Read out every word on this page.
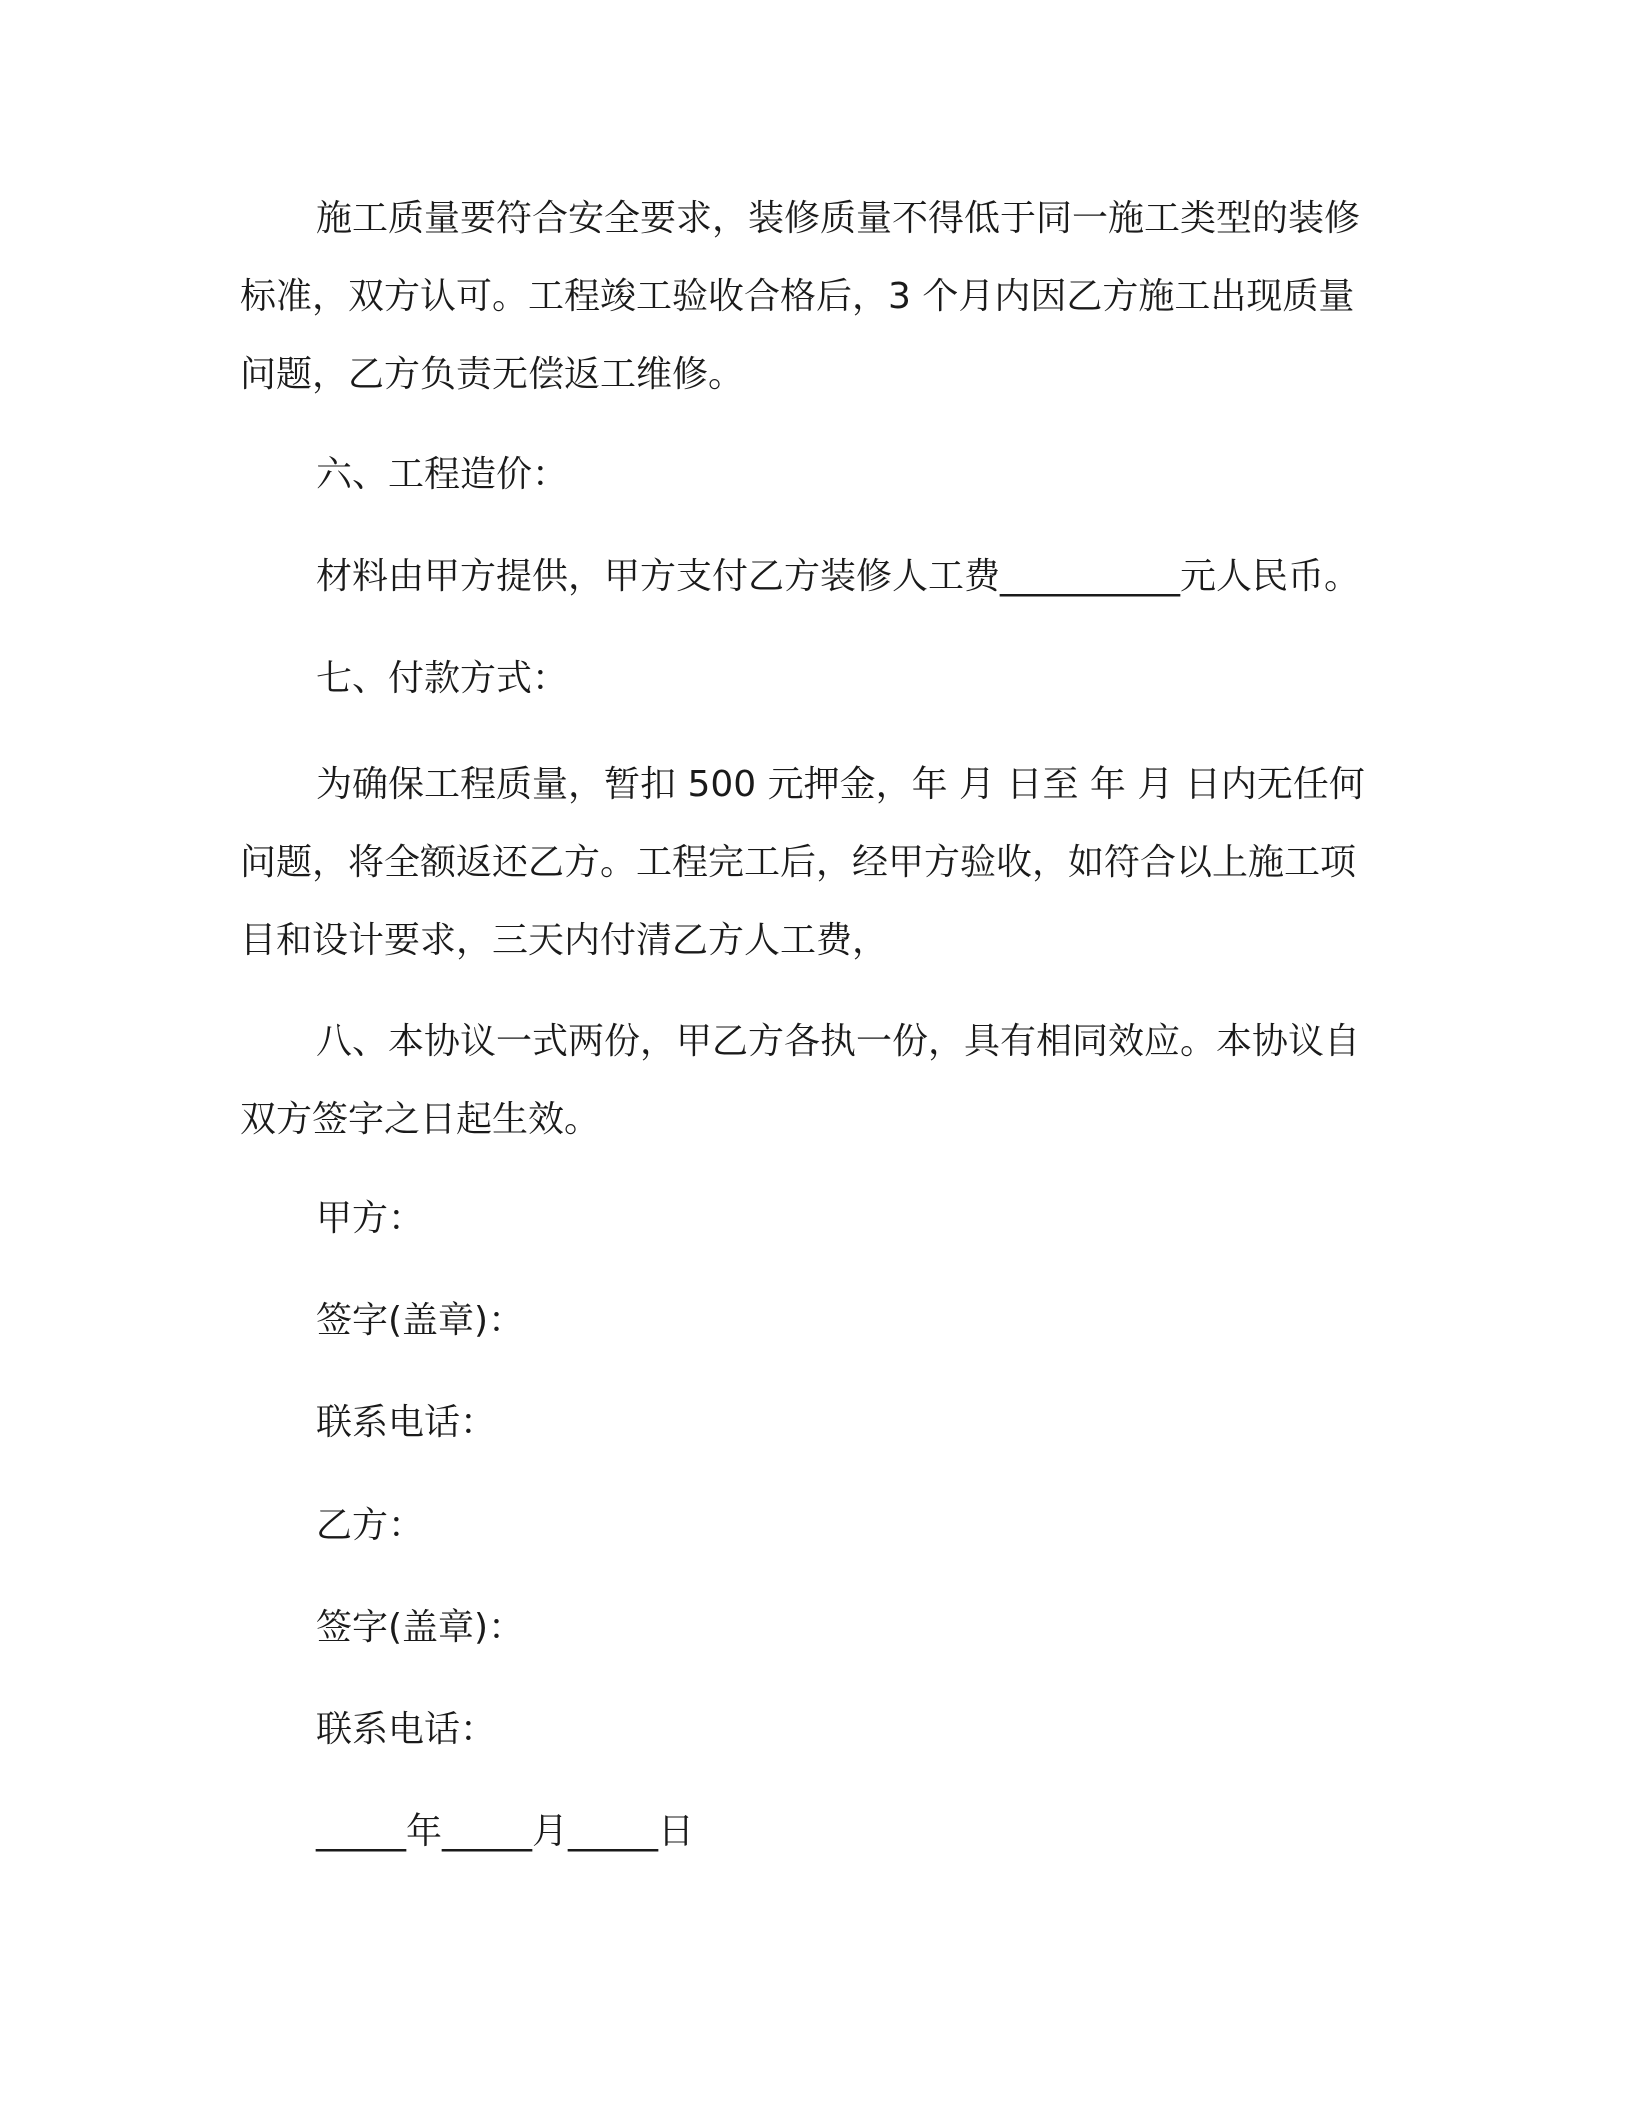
施工质量要符合安全要求，装修质量不得低于同一施工类型的装修标准，双方认可。工程竣工验收合格后，3 个月内因乙方施工出现质量问题，乙方负责无偿返工维修。

六、工程造价：

材料由甲方提供，甲方支付乙方装修人工费__________元人民币。

七、付款方式：

为确保工程质量，暂扣 500 元押金，年 月 日至 年 月 日内无任何问题，将全额返还乙方。工程完工后，经甲方验收，如符合以上施工项目和设计要求，三天内付清乙方人工费，

八、本协议一式两份，甲乙方各执一份，具有相同效应。本协议自双方签字之日起生效。

甲方：

签字(盖章)：

联系电话：

乙方：

签字(盖章)：

联系电话：

_____年_____月_____日
